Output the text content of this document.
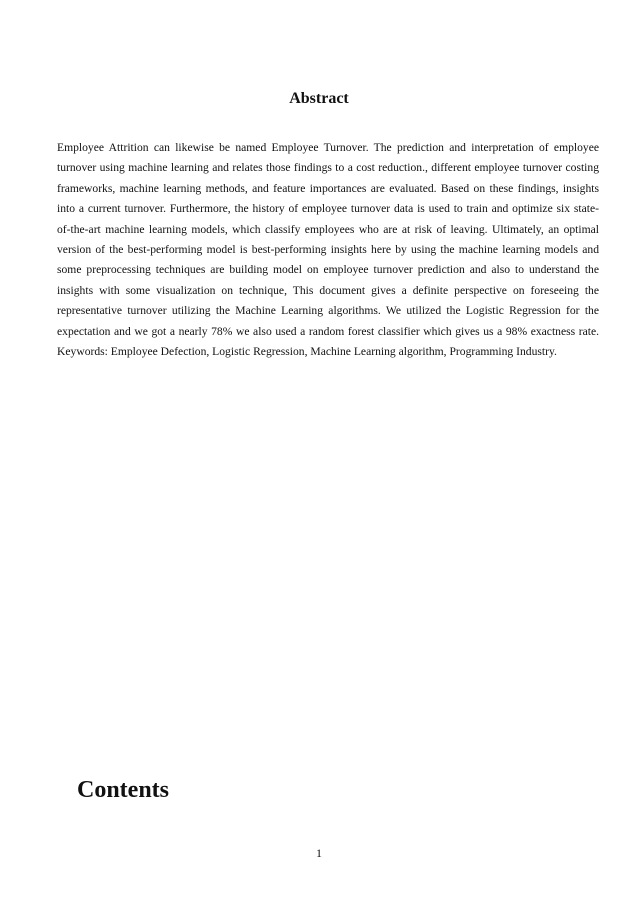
Abstract
Employee Attrition can likewise be named Employee Turnover. The prediction and interpretation of employee
turnover using machine learning and relates those findings to a cost reduction., different employee turnover costing
frameworks, machine learning methods, and feature importances are evaluated. Based on these findings, insights
into a current turnover. Furthermore, the history of employee turnover data is used to train and optimize six state-
of-the-art machine learning models, which classify employees who are at risk of leaving. Ultimately, an optimal
version of the best-performing model is best-performing insights here by using the machine learning models and
some preprocessing techniques are building model on employee turnover prediction and also to understand the
insights with some visualization on technique, This document gives a definite perspective on foreseeing the
representative turnover utilizing the Machine Learning algorithms. We utilized the Logistic Regression for the
expectation and we got a nearly 78% we also used a random forest classifier which gives us a 98% exactness rate.
Keywords: Employee Defection, Logistic Regression, Machine Learning algorithm, Programming Industry.
Contents
1
